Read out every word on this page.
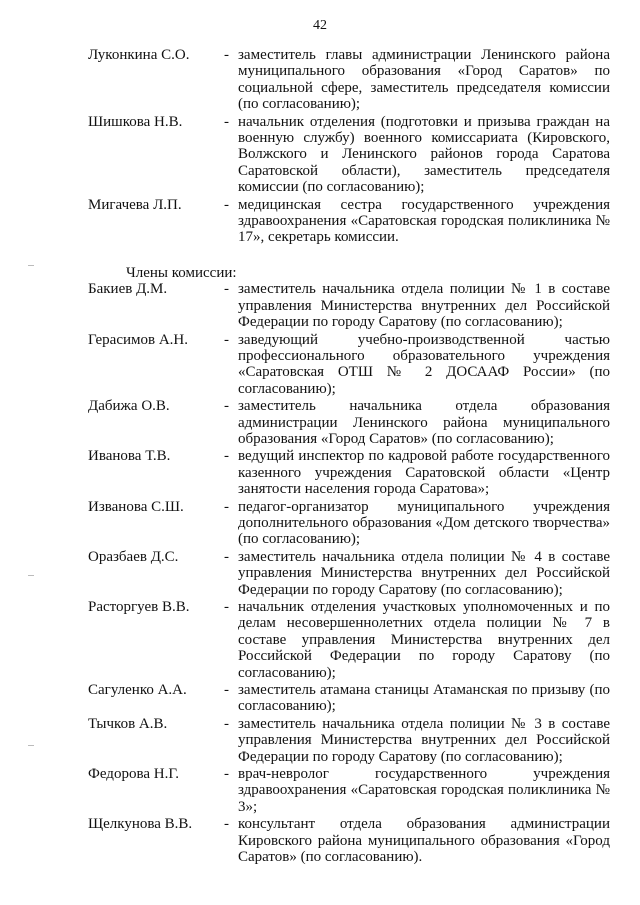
42
Луконкина С.О.	- заместитель главы администрации Ленинского района муниципального образования «Город Саратов» по социальной сфере, заместитель председателя комиссии (по согласованию);
Шишкова Н.В.	- начальник отделения (подготовки и призыва граждан на военную службу) военного комиссариата (Кировского, Волжского и Ленинского районов города Саратова Саратовской области), заместитель председателя комиссии (по согласованию);
Мигачева Л.П.	- медицинская сестра государственного учреждения здравоохранения «Саратовская городская поликлиника № 17», секретарь комиссии.
Члены комиссии:
Бакиев Д.М.	- заместитель начальника отдела полиции № 1 в составе управления Министерства внутренних дел Российской Федерации по городу Саратову (по согласованию);
Герасимов А.Н.	- заведующий учебно-производственной частью профессионального образовательного учреждения «Саратовская ОТШ № 2 ДОСААФ России» (по согласованию);
Дабижа О.В.	- заместитель начальника отдела образования администрации Ленинского района муниципального образования «Город Саратов» (по согласованию);
Иванова Т.В.	- ведущий инспектор по кадровой работе государственного казенного учреждения Саратовской области «Центр занятости населения города Саратова»;
Изванова С.Ш.	- педагог-организатор муниципального учреждения дополнительного образования «Дом детского творчества» (по согласованию);
Оразбаев Д.С.	- заместитель начальника отдела полиции № 4 в составе управления Министерства внутренних дел Российской Федерации по городу Саратову (по согласованию);
Расторгуев В.В.	- начальник отделения участковых уполномоченных и по делам несовершеннолетних отдела полиции № 7 в составе управления Министерства внутренних дел Российской Федерации по городу Саратову (по согласованию);
Сагуленко А.А.	- заместитель атамана станицы Атаманская по призыву (по согласованию);
Тычков А.В.	- заместитель начальника отдела полиции № 3 в составе управления Министерства внутренних дел Российской Федерации по городу Саратову (по согласованию);
Федорова Н.Г.	- врач-невролог государственного учреждения здравоохранения «Саратовская городская поликлиника № 3»;
Щелкунова В.В.	- консультант отдела образования администрации Кировского района муниципального образования «Город Саратов» (по согласованию).
